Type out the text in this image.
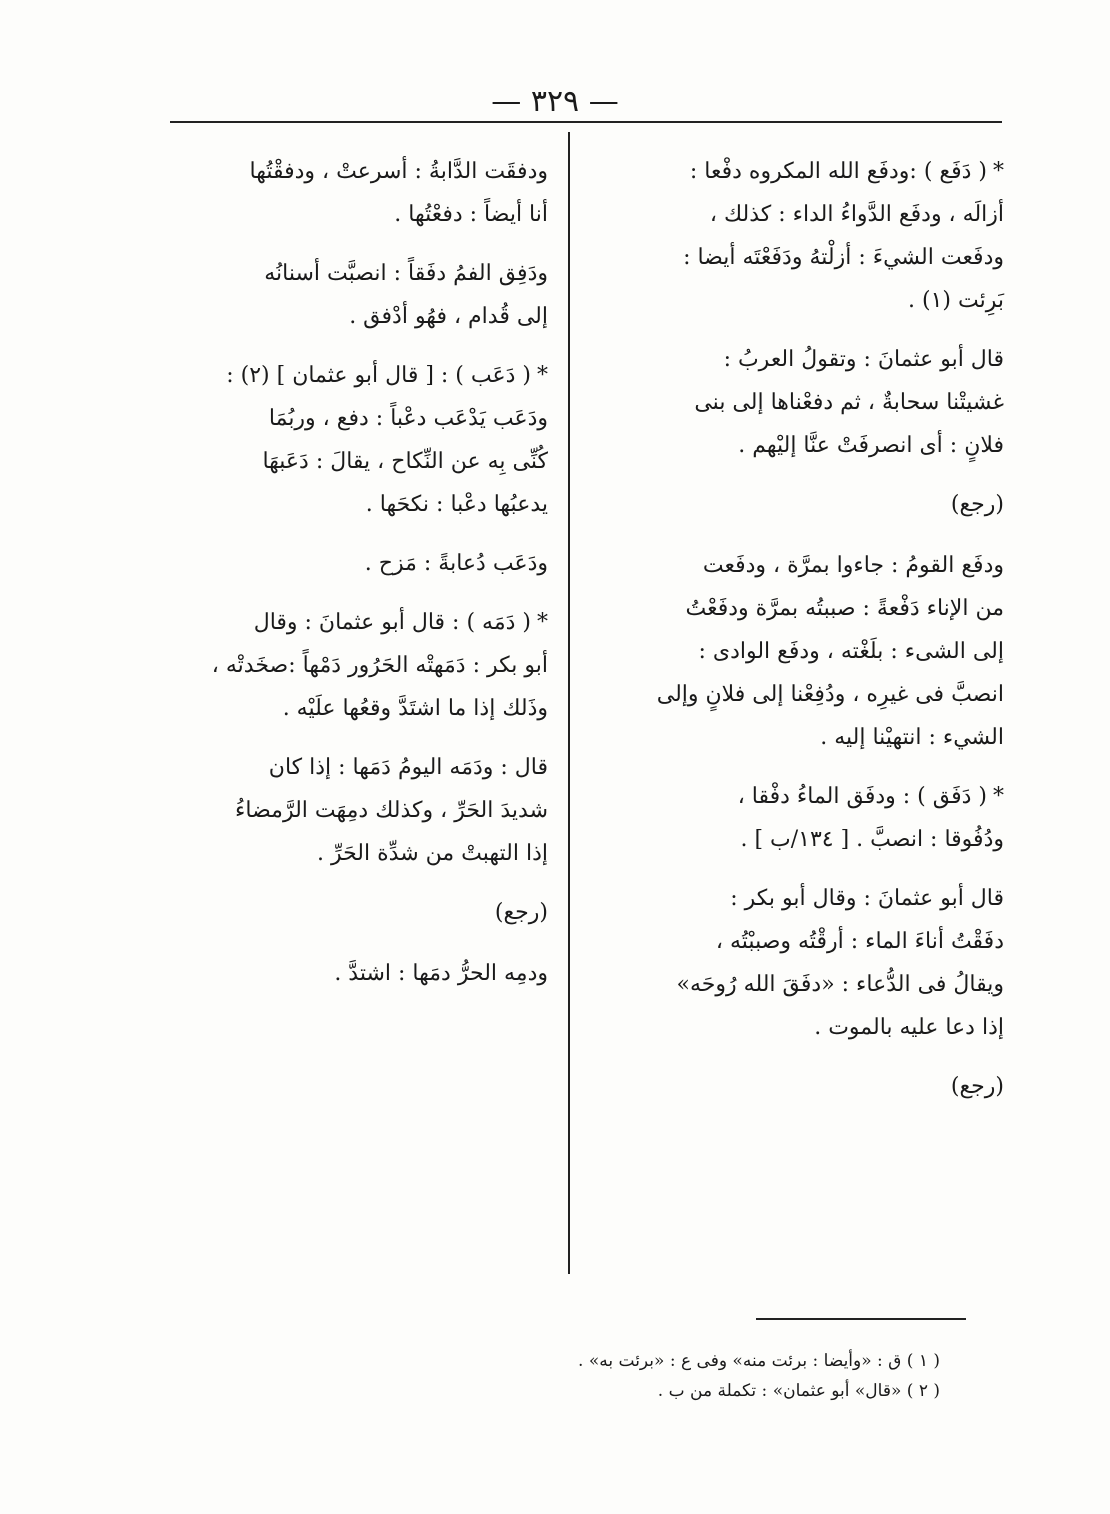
— ٣٢٩ —

*( دَفَع ) :ودفَع الله المكروه دفْعا :

أزالَه ، ودفَع الدَّواءُ الداء : كذلك ،

ودفَعت الشيءَ : أزلْتهُ ودَفَعْتَه أيضا :

بَرِئت (١) .

قال أبو عثمانَ : وتقولُ العربُ :

غشيتْنا سحابةٌ ، ثم دفعْناها إلى بنى

فلانٍ : أى انصرفَتْ عنَّا إليْهم .

(رجع)

ودفَع القومُ : جاءوا بمرَّة ، ودفَعت

من الإناء دَفْعةً : صببتُه بمرَّة ودفَعْتُ

إلى الشىء : بلَغْته ، ودفَع الوادى :

انصبَّ فى غيرِه ، ودُفِعْنا إلى فلانٍ وإلى

الشيء : انتهيْنا إليه .

*( دَفَق ) : ودفَق الماءُ دفْقا ،

ودُفُوقا : انصبَّ . [ ١٣٤/ب ] .

قال أبو عثمانَ : وقال أبو بكر :

دفَقْتُ أناءَ الماء : أرقْتُه وصببْتُه ،

ويقالُ فى الدُّعاء : «دفَقَ الله رُوحَه»

إذا دعا عليه بالموت .

(رجع)

ودفقَت الدَّابةُ : أسرعتْ ، ودفقْتُها

أنا أيضاً : دفعْتُها .

ودَفِق الفمُ دفَقاً : انصبَّت أسنانُه

إلى قُدام ، فهُو أدْفق .

*( دَعَب ) : [ قال أبو عثمان ] (٢) :

ودَعَب يَدْعَب دعْباً : دفع ، وربُمَا

كُنِّى بِه عن النِّكاح ، يقالَ : دَعَبهَا

يدعبُها دعْبا : نكحَها .

ودَعَب دُعابةً : مَزح .

*( دَمَه ) : قال أبو عثمانَ : وقال

أبو بكر : دَمَهتْه الحَرُور دَمْهاً :صخَدتْه ،

وذَلك إذا ما اشتَدَّ وقعُها علَيْه .

قال : ودَمَه اليومُ دَمَها : إذا كان

شديدَ الحَرِّ ، وكذلك دمِهَت الرَّمضاءُ

إذا التهبتْ من شدِّة الحَرِّ .

(رجع)

ودمِه الحرُّ دمَها : اشتدَّ .

( ١ ) ق : «وأيضا : برئت منه» وفى ع : «برئت به» .
( ٢ ) «قال» أبو عثمان» : تكملة من ب .
